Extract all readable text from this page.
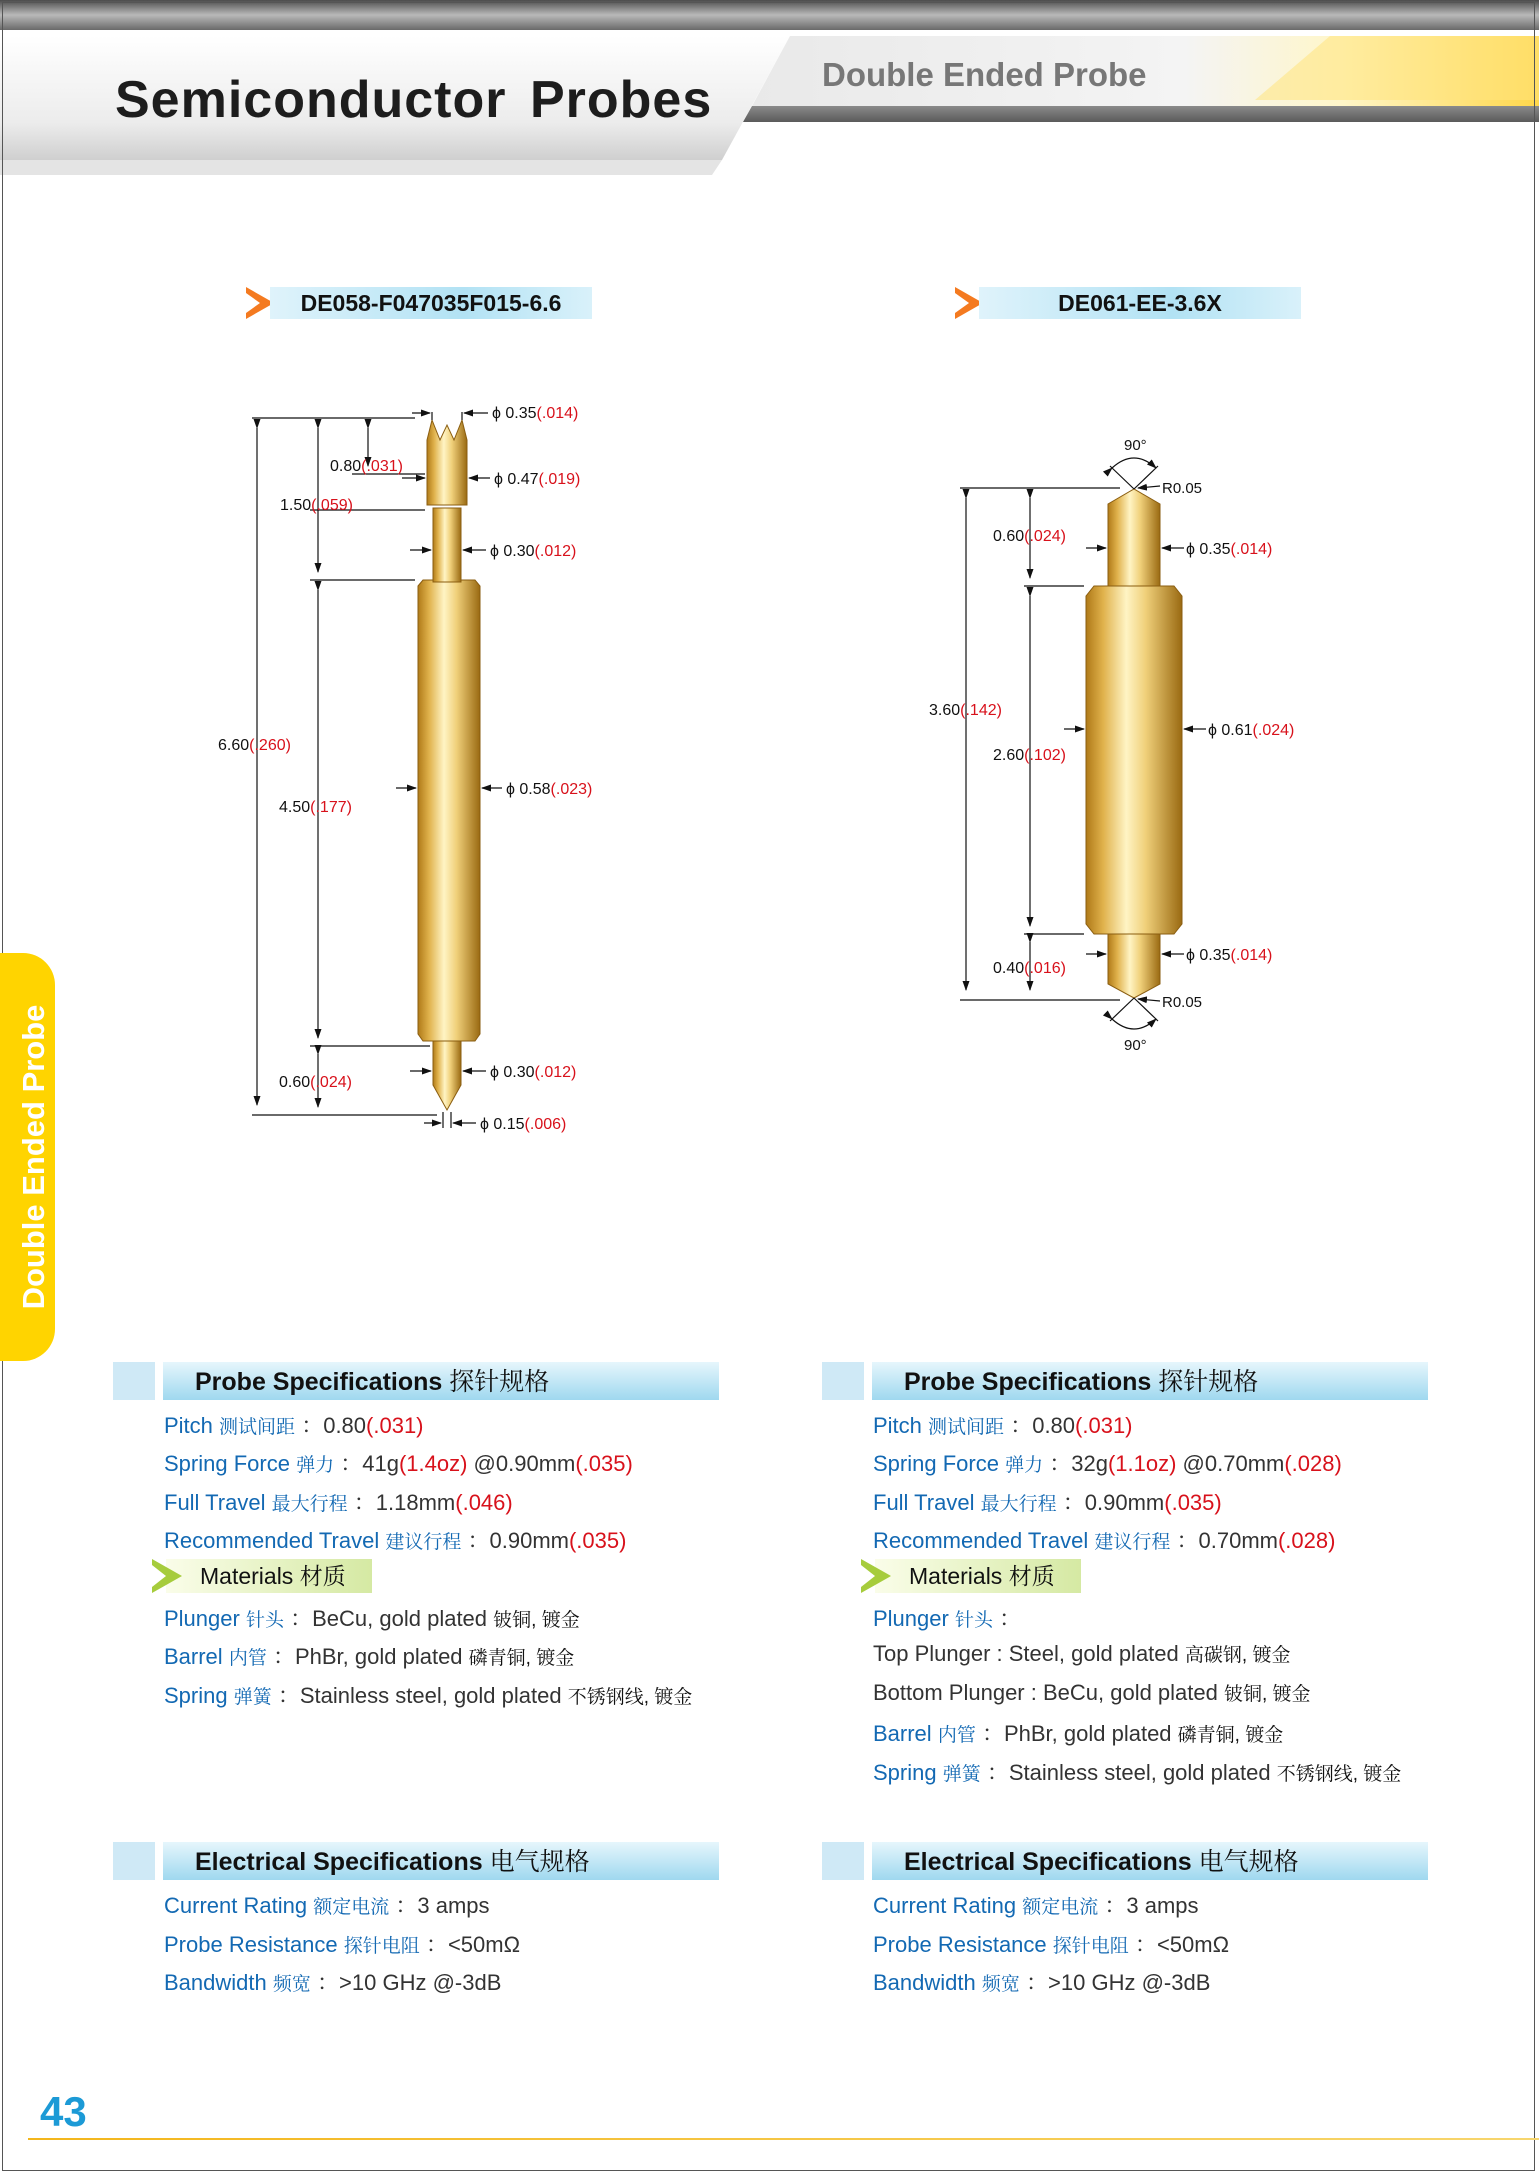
Semiconductor Probes	Double Ended Probe
Double Ended Probe
DE058-F047035F015-6.6	DE061-EE-3.6X
ϕ 0.35(.014)
ϕ 0.47(.019)
ϕ 0.30(.012)
ϕ 0.58(.023)
ϕ 0.30(.012)
ϕ 0.15(.006)
0.80(.031)
1.50(.059)
6.60(.260)
4.50(.177)
0.60(.024)
90°
90°
R0.05
R0.05
ϕ 0.35(.014)
ϕ 0.61(.024)
ϕ 0.35(.014)
0.60(.024)
3.60(.142)
2.60(.102)
0.40(.016)
Probe Specifications 探针规格
Pitch 测试间距 ：0.80(.031)
Spring Force 弹力 ：41g(1.4oz) @0.90mm(.035)
Full Travel 最大行程 ：1.18mm(.046)
Recommended Travel 建议行程 ：0.90mm(.035)
Materials 材质
Plunger 针头 ：BeCu, gold plated 铍铜, 镀金
Barrel 内管 ：PhBr, gold plated 磷青铜, 镀金
Spring 弹簧 ：Stainless steel, gold plated 不锈钢线, 镀金
Electrical Specifications 电气规格
Current Rating 额定电流 ：3 amps
Probe Resistance 探针电阻 ：<50mΩ
Bandwidth 频宽 ：>10 GHz @-3dB
Probe Specifications 探针规格
Pitch 测试间距 ：0.80(.031)
Spring Force 弹力 ：32g(1.1oz) @0.70mm(.028)
Full Travel 最大行程 ：0.90mm(.035)
Recommended Travel 建议行程 ：0.70mm(.028)
Materials 材质
Plunger 针头 ：
Top Plunger : Steel, gold plated 高碳钢, 镀金
Bottom Plunger : BeCu, gold plated 铍铜, 镀金
Barrel 内管 ：PhBr, gold plated 磷青铜, 镀金
Spring 弹簧 ：Stainless steel, gold plated 不锈钢线, 镀金
Electrical Specifications 电气规格
Current Rating 额定电流 ：3 amps
Probe Resistance 探针电阻 ：<50mΩ
Bandwidth 频宽 ：>10 GHz @-3dB
43
